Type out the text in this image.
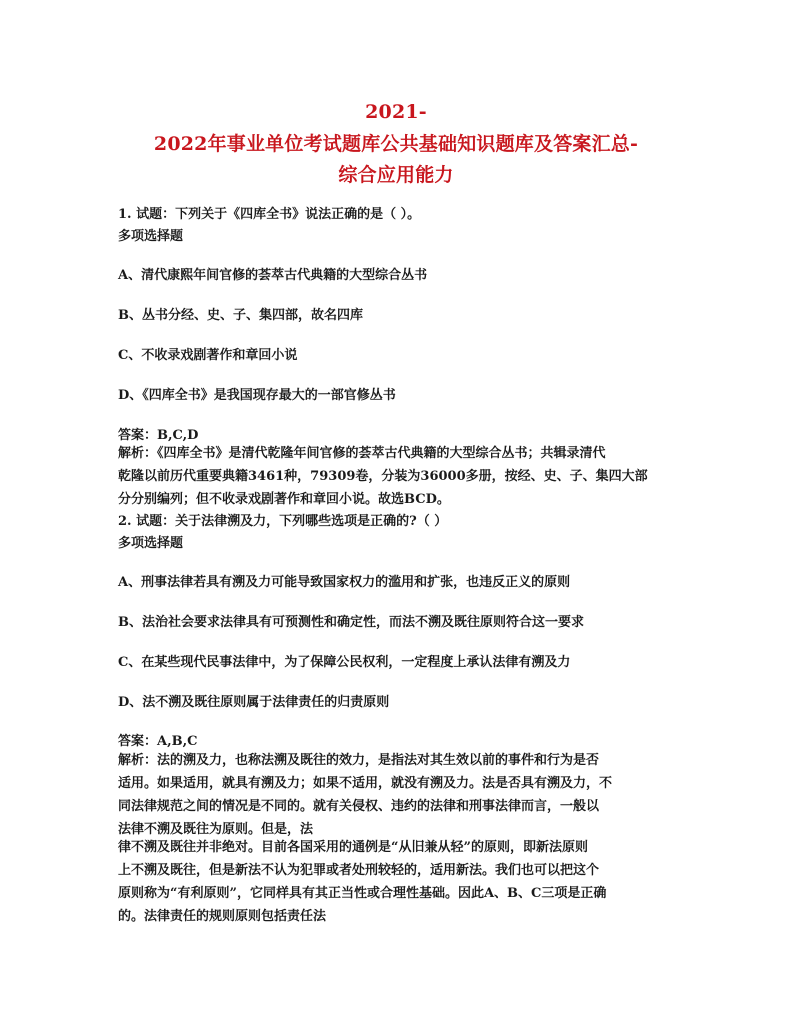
2021-
2022年事业单位考试题库公共基础知识题库及答案汇总-
综合应用能力
1. 试题：下列关于《四库全书》说法正确的是（ ）。
多项选择题
A、清代康熙年间官修的荟萃古代典籍的大型综合丛书
B、丛书分经、史、子、集四部，故名四库
C、不收录戏剧著作和章回小说
D、《四库全书》是我国现存最大的一部官修丛书
答案：B,C,D
解析：《四库全书》是清代乾隆年间官修的荟萃古代典籍的大型综合丛书；共辑录清代
乾隆以前历代重要典籍3461种，79309卷，分装为36000多册，按经、史、子、集四大部
分分别编列；但不收录戏剧著作和章回小说。故选BCD。
2. 试题：关于法律溯及力，下列哪些选项是正确的?（ ）
多项选择题
A、刑事法律若具有溯及力可能导致国家权力的滥用和扩张，也违反正义的原则
B、法治社会要求法律具有可预测性和确定性，而法不溯及既往原则符合这一要求
C、在某些现代民事法律中，为了保障公民权利，一定程度上承认法律有溯及力
D、法不溯及既往原则属于法律责任的归责原则
答案：A,B,C
解析：法的溯及力，也称法溯及既往的效力，是指法对其生效以前的事件和行为是否
适用。如果适用，就具有溯及力；如果不适用，就没有溯及力。法是否具有溯及力，不
同法律规范之间的情况是不同的。就有关侵权、违约的法律和刑事法律而言，一般以
法律不溯及既往为原则。但是，法
律不溯及既往并非绝对。目前各国采用的通例是“从旧兼从轻”的原则，即新法原则
上不溯及既往，但是新法不认为犯罪或者处刑较轻的，适用新法。我们也可以把这个
原则称为“有利原则”，它同样具有其正当性或合理性基础。因此A、B、C三项是正确
的。法律责任的规则原则包括责任法
